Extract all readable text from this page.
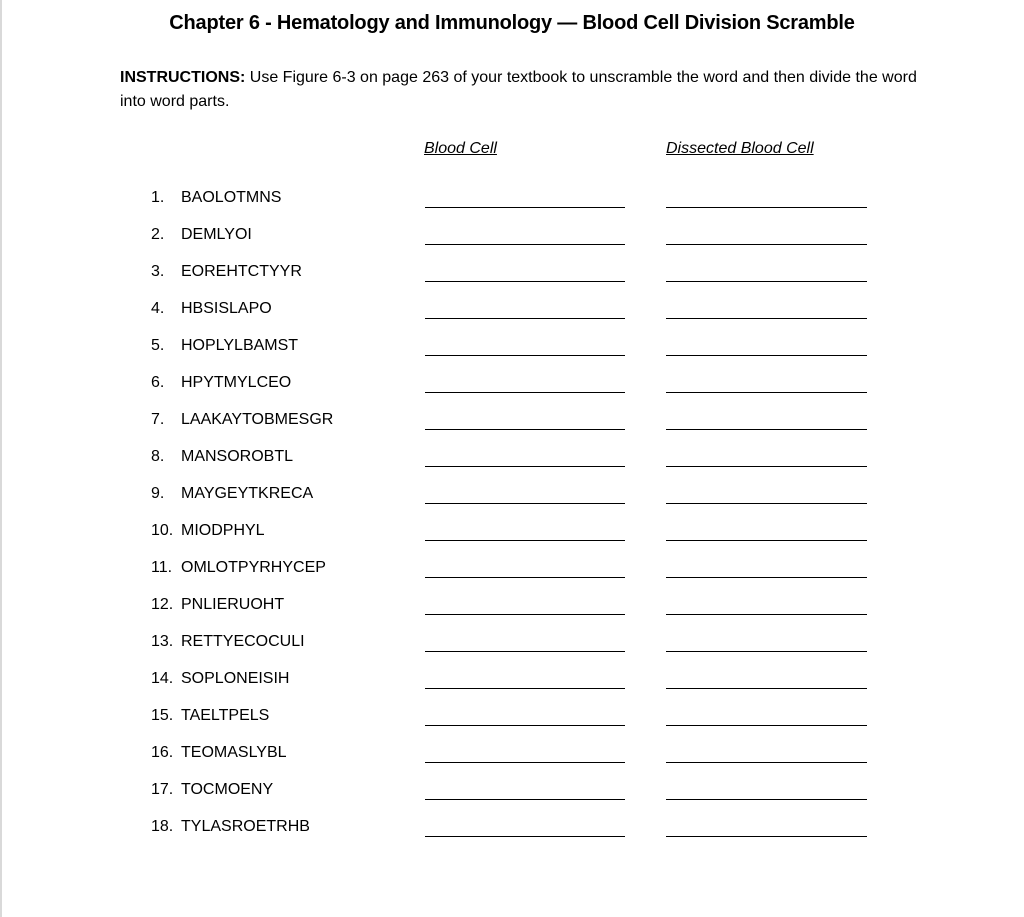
Chapter 6 - Hematology and Immunology — Blood Cell Division Scramble
INSTRUCTIONS: Use Figure 6-3 on page 263 of your textbook to unscramble the word and then divide the word into word parts.
Blood Cell	Dissected Blood Cell
1. BAOLOTMNS
2. DEMLYOI
3. EOREHTCTYYR
4. HBSISLAPO
5. HOPLYLBAMST
6. HPYTMYLCEO
7. LAAKAYTOBMESGR
8. MANSOROBTL
9. MAYGEYTKRECA
10. MIODPHYL
11. OMLOTPYRHYCEP
12. PNLIERUOHT
13. RETTYECOCULI
14. SOPLONEISIH
15. TAELTPELS
16. TEOMASLYBL
17. TOCMOENY
18. TYLASROETRHB
